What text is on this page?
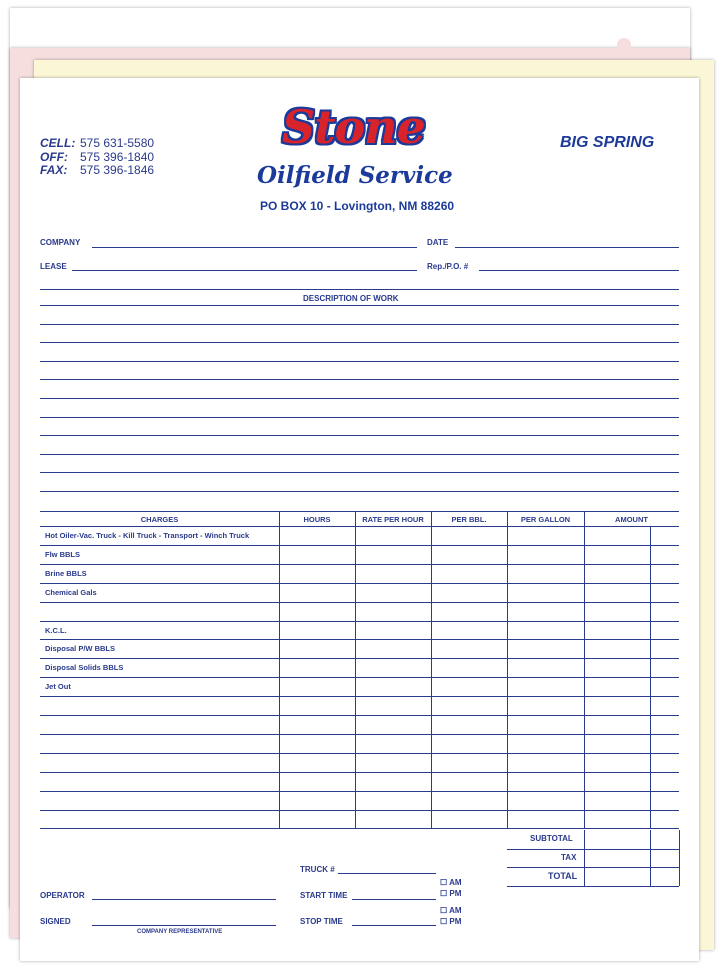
CELL: 575 631-5580
OFF: 575 396-1840
FAX: 575 396-1846
Stone
Oilfield Service
PO BOX 10 - Lovington, NM 88260
BIG SPRING
COMPANY	DATE
LEASE	Rep./P.O. #
DESCRIPTION OF WORK
CHARGES	HOURS	RATE PER HOUR	PER BBL.	PER GALLON	AMOUNT
Hot Oiler-Vac. Truck - Kill Truck - Transport - Winch Truck
Flw BBLS
Brine BBLS
Chemical Gals
K.C.L.
Disposal P/W BBLS
Disposal Solids BBLS
Jet Out
SUBTOTAL
TAX
TOTAL
TRUCK #
OPERATOR	START TIME
☐ AM
☐ PM
SIGNED
COMPANY REPRESENTATIVE
STOP TIME
☐ AM
☐ PM
